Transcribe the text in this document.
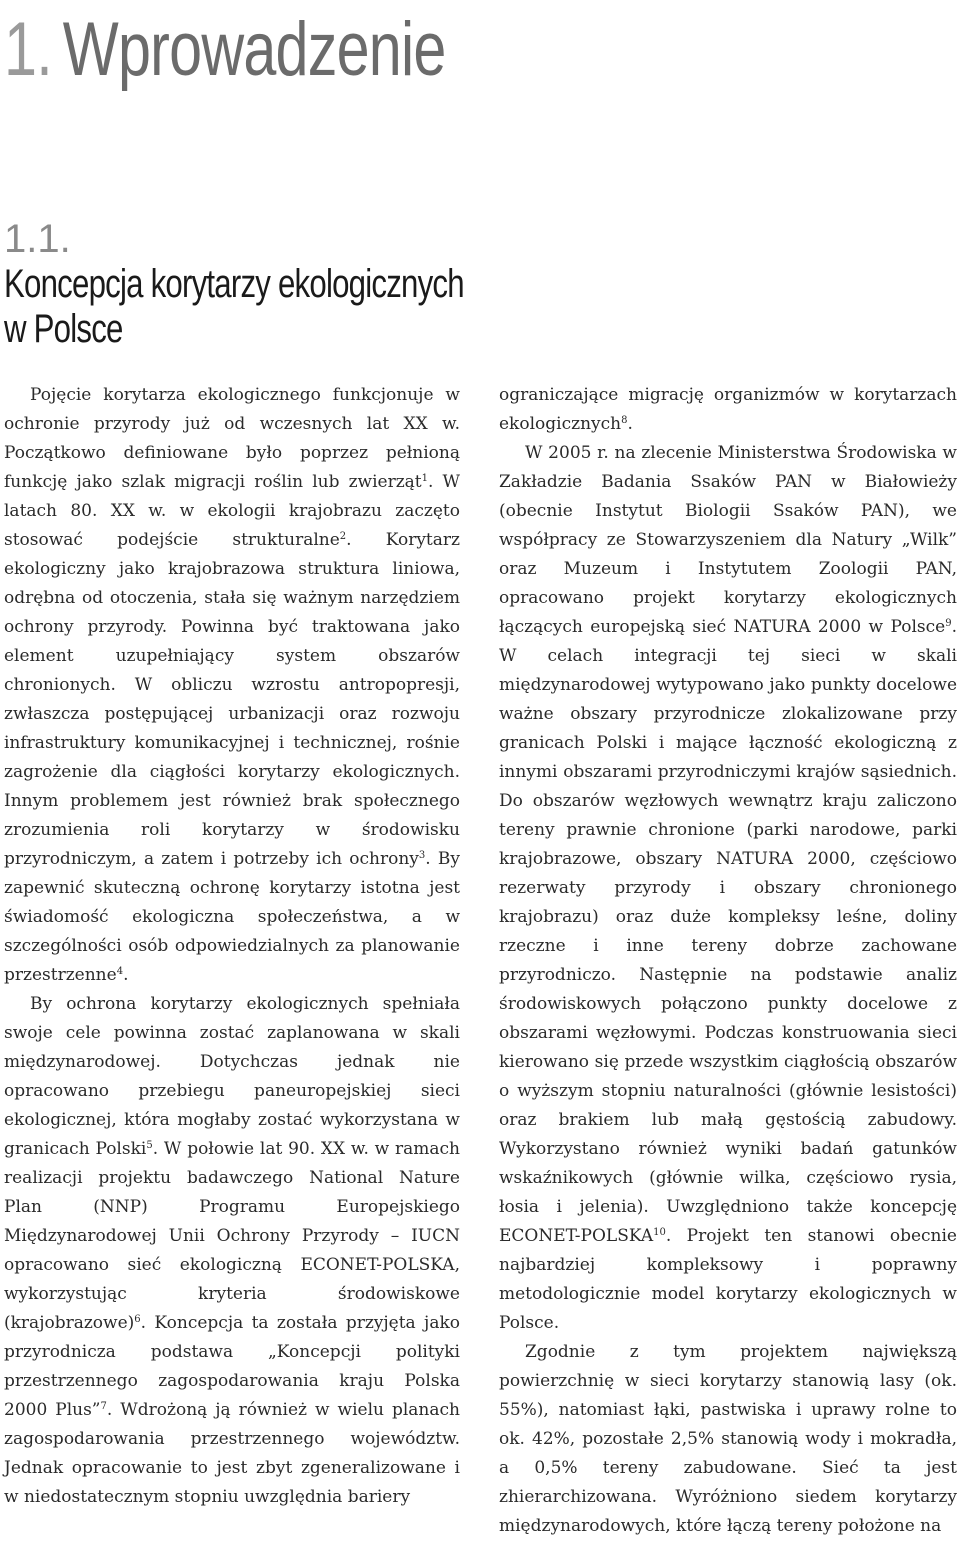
1. Wprowadzenie
1.1.
Koncepcja korytarzy ekologicznych
w Polsce

Pojęcie korytarza ekologicznego funkcjonuje w ochronie przyrody już od wczesnych lat XX w. Początkowo definiowane było poprzez pełnioną funkcję jako szlak migracji roślin lub zwierząt$^1$. W latach 80. XX w. w ekologii krajobrazu zaczęto stosować podejście strukturalne$^2$. Korytarz ekologiczny jako krajobrazowa struktura liniowa, odrębna od otoczenia, stała się ważnym narzędziem ochrony przyrody. Powinna być traktowana jako element uzupełniający system obszarów chronionych. W obliczu wzrostu antropopresji, zwłaszcza postępującej urbanizacji oraz rozwoju infrastruktury komunikacyjnej i technicznej, rośnie zagrożenie dla ciągłości korytarzy ekologicznych. Innym problemem jest również brak społecznego zrozumienia roli korytarzy w środowisku przyrodniczym, a zatem i potrzeby ich ochrony$^3$. By zapewnić skuteczną ochronę korytarzy istotna jest świadomość ekologiczna społeczeństwa, a w szczególności osób odpowiedzialnych za planowanie przestrzenne$^4$.

By ochrona korytarzy ekologicznych spełniała swoje cele powinna zostać zaplanowana w skali międzynarodowej. Dotychczas jednak nie opracowano przebiegu paneuropejskiej sieci ekologicznej, która mogłaby zostać wykorzystana w granicach Polski$^5$. W połowie lat 90. XX w. w ramach realizacji projektu badawczego National Nature Plan (NNP) Programu Europejskiego Międzynarodowej Unii Ochrony Przyrody – IUCN opracowano sieć ekologiczną ECONET-POLSKA, wykorzystując kryteria środowiskowe (krajobrazowe)$^6$. Koncepcja ta została przyjęta jako przyrodnicza podstawa „Koncepcji polityki przestrzennego zagospodarowania kraju Polska 2000 Plus”$^7$. Wdrożoną ją również w wielu planach zagospodarowania przestrzennego województw. Jednak opracowanie to jest zbyt zgeneralizowane i w niedostatecznym stopniu uwzględnia bariery

ograniczające migrację organizmów w korytarzach ekologicznych$^8$.

W 2005 r. na zlecenie Ministerstwa Środowiska w Zakładzie Badania Ssaków PAN w Białowieży (obecnie Instytut Biologii Ssaków PAN), we współpracy ze Stowarzyszeniem dla Natury „Wilk” oraz Muzeum i Instytutem Zoologii PAN, opracowano projekt korytarzy ekologicznych łączących europejską sieć NATURA 2000 w Polsce$^9$. W celach integracji tej sieci w skali międzynarodowej wytypowano jako punkty docelowe ważne obszary przyrodnicze zlokalizowane przy granicach Polski i mające łączność ekologiczną z innymi obszarami przyrodniczymi krajów sąsiednich. Do obszarów węzłowych wewnątrz kraju zaliczono tereny prawnie chronione (parki narodowe, parki krajobrazowe, obszary NATURA 2000, częściowo rezerwaty przyrody i obszary chronionego krajobrazu) oraz duże kompleksy leśne, doliny rzeczne i inne tereny dobrze zachowane przyrodniczo. Następnie na podstawie analiz środowiskowych połączono punkty docelowe z obszarami węzłowymi. Podczas konstruowania sieci kierowano się przede wszystkim ciągłością obszarów o wyższym stopniu naturalności (głównie lesistości) oraz brakiem lub małą gęstością zabudowy. Wykorzystano również wyniki badań gatunków wskaźnikowych (głównie wilka, częściowo rysia, łosia i jelenia). Uwzględniono także koncepcję ECONET-POLSKA$^{10}$. Projekt ten stanowi obecnie najbardziej kompleksowy i poprawny metodologicznie model korytarzy ekologicznych w Polsce.

Zgodnie z tym projektem największą powierzchnię w sieci korytarzy stanowią lasy (ok. 55%), natomiast łąki, pastwiska i uprawy rolne to ok. 42%, pozostałe 2,5% stanowią wody i mokradła, a 0,5% tereny zabudowane. Sieć ta jest zhierarchizowana. Wyróżniono siedem korytarzy międzynarodowych, które łączą tereny położone na
